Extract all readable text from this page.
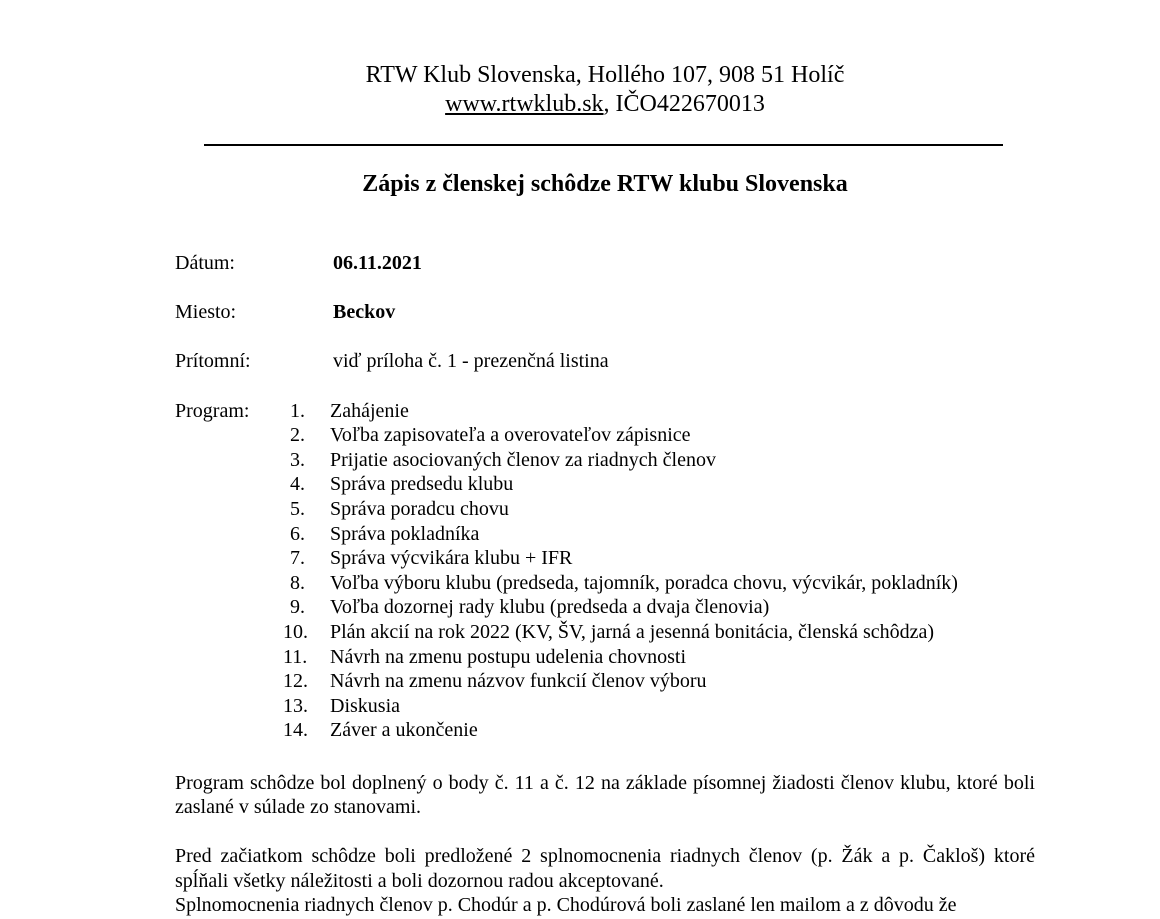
RTW Klub Slovenska, Hollého 107, 908 51 Holíč
www.rtwklub.sk, IČO422670013
Zápis z členskej schôdze RTW klubu Slovenska
Dátum:	06.11.2021
Miesto:	Beckov
Prítomní:	viď príloha č. 1 - prezenčná listina
Program:	1. Zahájenie
2. Voľba zapisovateľa a overovateľov zápisnice
3. Prijatie asociovaných členov za riadnych členov
4. Správa predsedu klubu
5. Správa poradcu chovu
6. Správa pokladníka
7. Správa výcvikára klubu + IFR
8. Voľba výboru klubu (predseda, tajomník, poradca chovu, výcvikár, pokladník)
9. Voľba dozornej rady klubu (predseda a dvaja členovia)
10. Plán akcií na rok 2022 (KV, ŠV, jarná a jesenná bonitácia, členská schôdza)
11. Návrh na zmenu postupu udelenia chovnosti
12. Návrh na zmenu názvov funkcií členov výboru
13. Diskusia
14. Záver a ukončenie

Program schôdze bol doplnený o body č. 11 a č. 12 na základe písomnej žiadosti členov klubu, ktoré boli zaslané v súlade zo stanovami.

Pred začiatkom schôdze boli predložené 2 splnomocnenia riadnych členov (p. Žák a p. Čakloš) ktoré spĺňali všetky náležitosti a boli dozornou radou akceptované.

Splnomocnenia riadnych členov p. Chodúr a p. Chodúrová boli zaslané len mailom a z dôvodu že
